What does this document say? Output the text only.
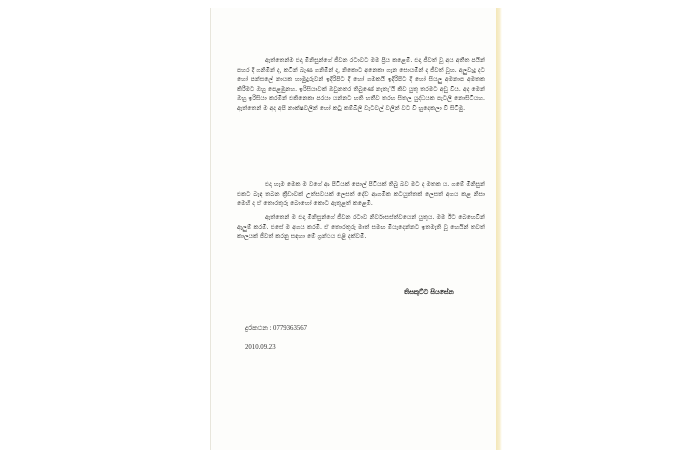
ඇත්තෙන්ම එදා මිනිසුන්ගේ ජීවන රටාවට මම ප්‍රිය කළෙමි. එදා ජීවත් වූ අය අතීත පයින් පහර දී ගනිමින් ද, කටින් බැණ ගනිමින් ද, නිකොට අනෙකා ගැන සොයමින් ද ජීවත් වූහ. අලුවැදු දට හෝ පන්සලේ නායක හාමුදුරුවන් ඉදිරිපිට දී හෝ ගමකයි ඉදිරිපිට දී හෝ සියලු අමනාප අමතක කිරීමට ඔහු පෙළඹුනහ. ඉරිසියාවක් ඔවුනතර තිබුණේ නැතැ'යි කිව යුතු තරමට අඩු විය. අද මෙන් ඔහු ඉරිසියා කරමින් එකිනෙකා පරයා යන්නට හති හතීව තරහ සිතල යුද්ධයක පැටලී නොසිටියහ. ඇත්තෙන් ම අද අපි නාක්ෂවලින් හෝ කටු කම්බිලි වැටවල් වලින් වට වී හුදෙකලා වී සිටිමු.

එදා හැම මෙක ම වගේ ආ පිටියක් පොල් පිටියක් තිබු බව මට ද මතක ය. ගමේ මිනිසුන් එකට බැඳ තබන ක්‍රීඩාවක් උත්සවයක් ලෙසත් දේව ආගමික කටයුත්තක් ලෙසත් අගය කළ නිසා මෙහි ද ඒ තොරතුරු බොහෝ කොට ඇතුළත් කළෙමි.

ඇත්තෙන් ම එදා මිනිසුන්ගේ ජීවන රටාව නිර්වාසස්ත්වයෙන් යුතුය. මම ඊට බෙහෙවින් ඇලුම් කරමි. එසේ ම අගය කරමි. ඒ තොරතුරු මාත් සමඟ මියැදෙන්නට ඉතමැති වූ හෙයින් තවත් කාලයක් ජීවත් කරනු සඳහා මේ ග්‍රන්ථය එළි දක්වමි.

තිසකුට්ට සියසේන
දුරකථන : 0779363567
2010.09.23
